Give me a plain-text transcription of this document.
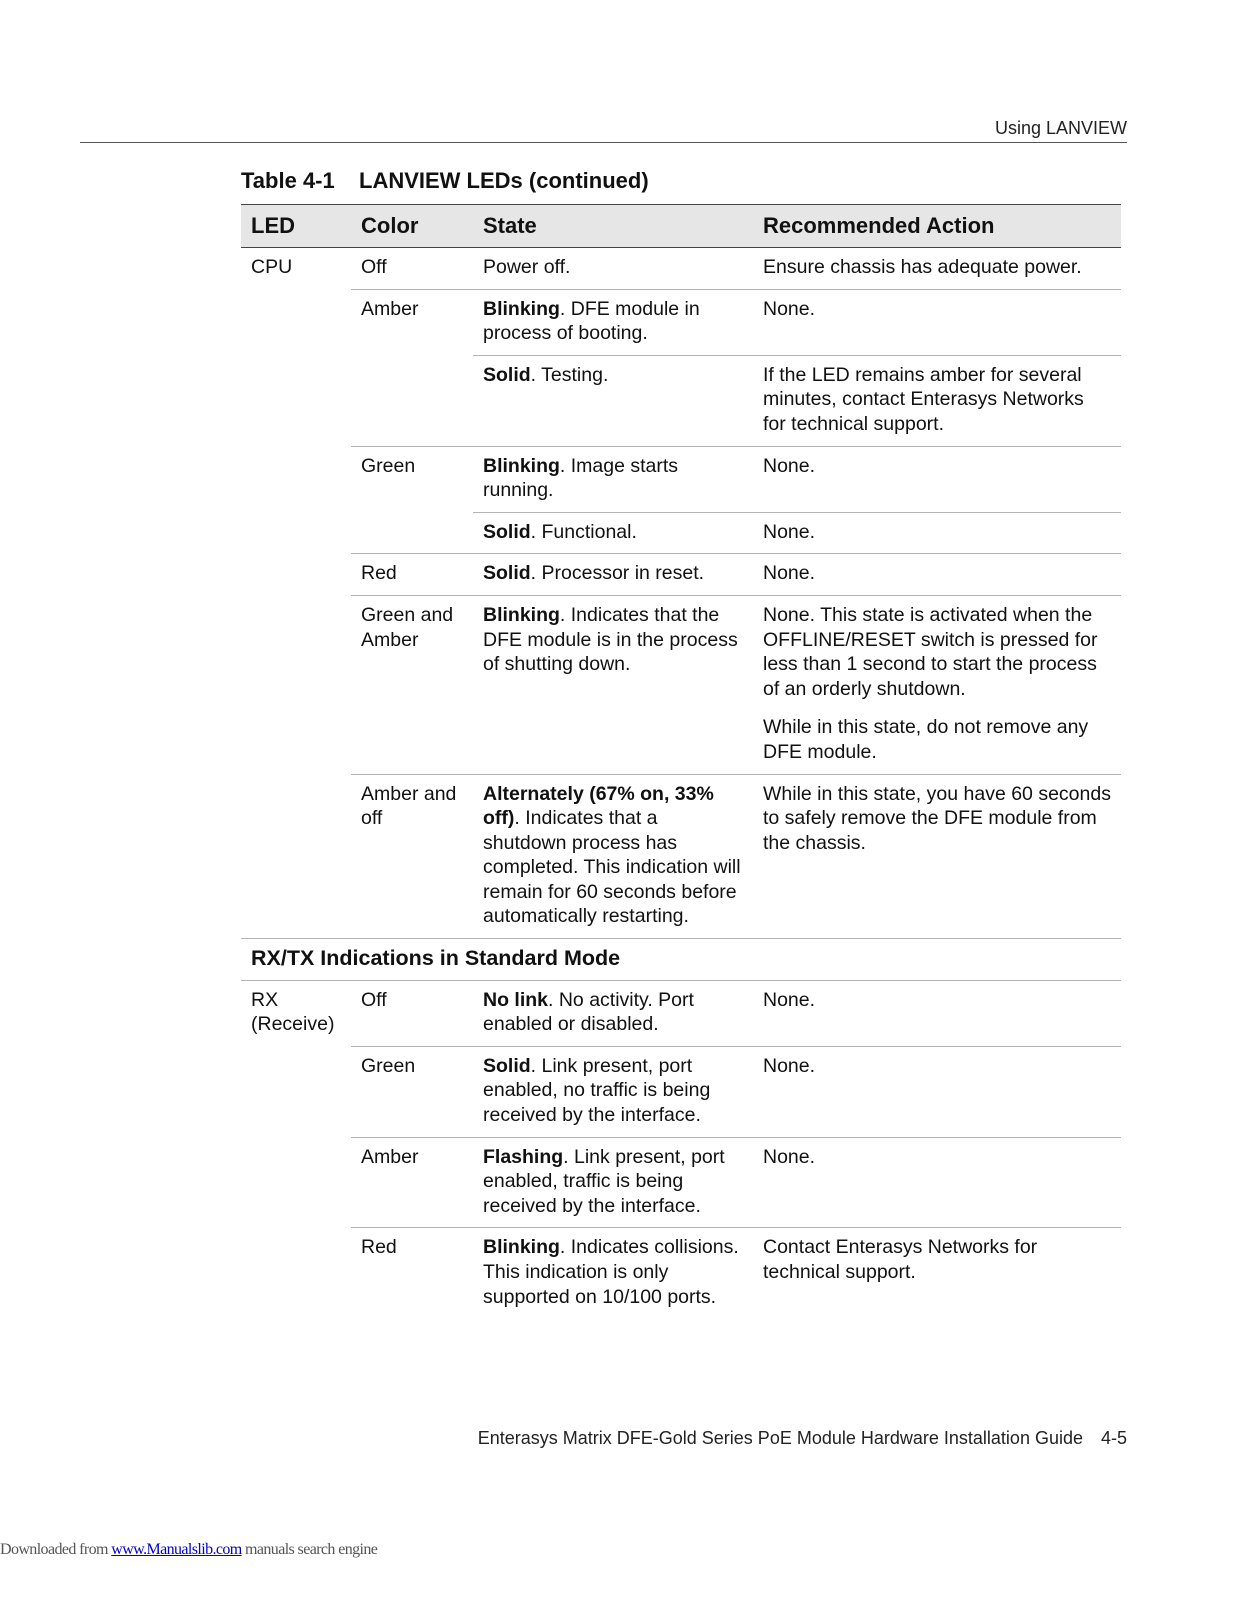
Using LANVIEW
Table 4-1 LANVIEW LEDs (continued)
LED	Color	State	Recommended Action
CPU	Off	Power off.	Ensure chassis has adequate power.
	Amber	Blinking. DFE module in process of booting.	None.
		Solid. Testing.	If the LED remains amber for several minutes, contact Enterasys Networks for technical support.
	Green	Blinking. Image starts running.	None.
		Solid. Functional.	None.
	Red	Solid. Processor in reset.	None.
	Green and Amber	Blinking. Indicates that the DFE module is in the process of shutting down.	None. This state is activated when the OFFLINE/RESET switch is pressed for less than 1 second to start the process of an orderly shutdown.
While in this state, do not remove any DFE module.

	Amber and off	Alternately (67% on, 33% off). Indicates that a shutdown process has completed. This indication will remain for 60 seconds before automatically restarting.	While in this state, you have 60 seconds to safely remove the DFE module from the chassis.
RX/TX Indications in Standard Mode			
RX (Receive)	Off	No link. No activity. Port enabled or disabled.	None.
	Green	Solid. Link present, port enabled, no traffic is being received by the interface.	None.
	Amber	Flashing. Link present, port enabled, traffic is being received by the interface.	None.
	Red	Blinking. Indicates collisions. This indication is only supported on 10/100 ports.	Contact Enterasys Networks for technical support.
Enterasys Matrix DFE-Gold Series PoE Module Hardware Installation Guide 4-5
Downloaded from www.Manualslib.com manuals search engine
